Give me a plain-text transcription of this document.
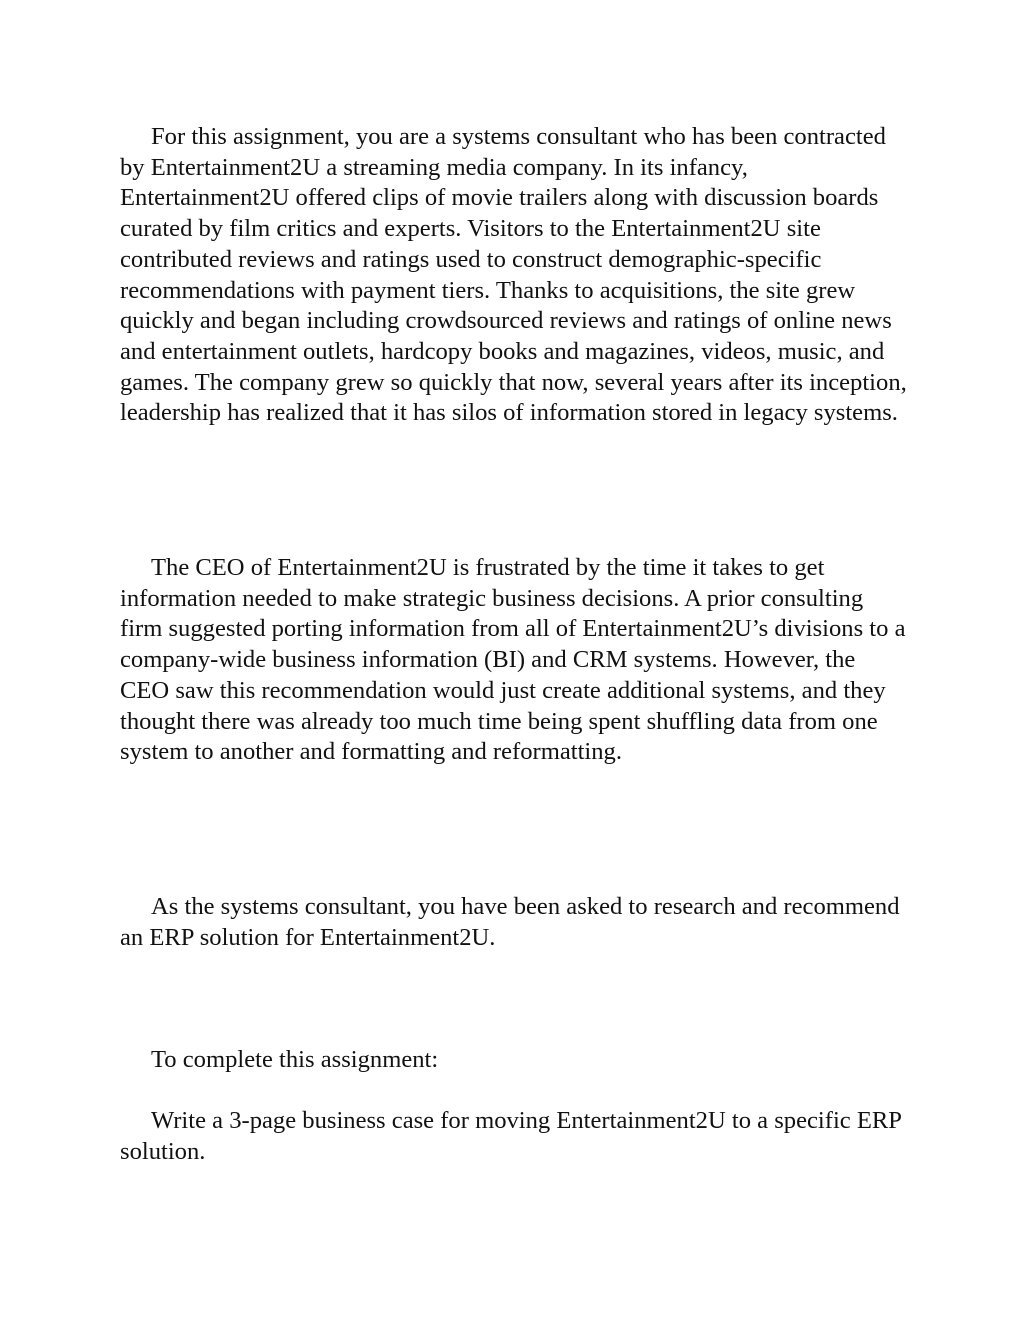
For this assignment, you are a systems consultant who has been contracted by Entertainment2U a streaming media company. In its infancy, Entertainment2U offered clips of movie trailers along with discussion boards curated by film critics and experts. Visitors to the Entertainment2U site contributed reviews and ratings used to construct demographic-specific recommendations with payment tiers. Thanks to acquisitions, the site grew quickly and began including crowdsourced reviews and ratings of online news and entertainment outlets, hardcopy books and magazines, videos, music, and games. The company grew so quickly that now, several years after its inception, leadership has realized that it has silos of information stored in legacy systems.

The CEO of Entertainment2U is frustrated by the time it takes to get information needed to make strategic business decisions. A prior consulting firm suggested porting information from all of Entertainment2U’s divisions to a company-wide business information (BI) and CRM systems. However, the CEO saw this recommendation would just create additional systems, and they thought there was already too much time being spent shuffling data from one system to another and formatting and reformatting.

As the systems consultant, you have been asked to research and recommend an ERP solution for Entertainment2U.

To complete this assignment:

Write a 3-page business case for moving Entertainment2U to a specific ERP solution.
